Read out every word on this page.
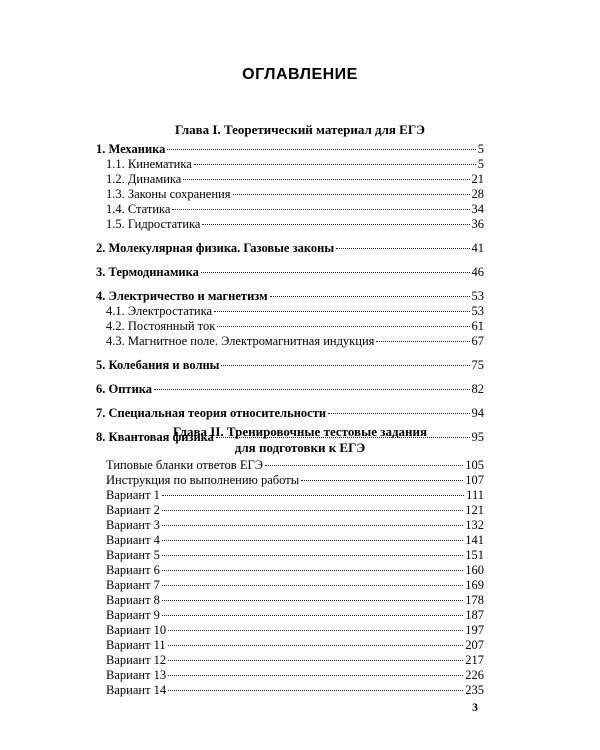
ОГЛАВЛЕНИЕ
Глава I. Теоретический материал для ЕГЭ
1. Механика	5
1.1. Кинематика	5
1.2. Динамика	21
1.3. Законы сохранения	28
1.4. Статика	34
1.5. Гидростатика	36
2. Молекулярная физика. Газовые законы	41
3. Термодинамика	46
4. Электричество и магнетизм	53
4.1. Электростатика	53
4.2. Постоянный ток	61
4.3. Магнитное поле. Электромагнитная индукция	67
5. Колебания и волны	75
6. Оптика	82
7. Специальная теория относительности	94
8. Квантовая физика	95
Глава II. Тренировочные тестовые задания
для подготовки к ЕГЭ
Типовые бланки ответов ЕГЭ	105
Инструкция по выполнению работы	107
Вариант 1	111
Вариант 2	121
Вариант 3	132
Вариант 4	141
Вариант 5	151
Вариант 6	160
Вариант 7	169
Вариант 8	178
Вариант 9	187
Вариант 10	197
Вариант 11	207
Вариант 12	217
Вариант 13	226
Вариант 14	235
3
